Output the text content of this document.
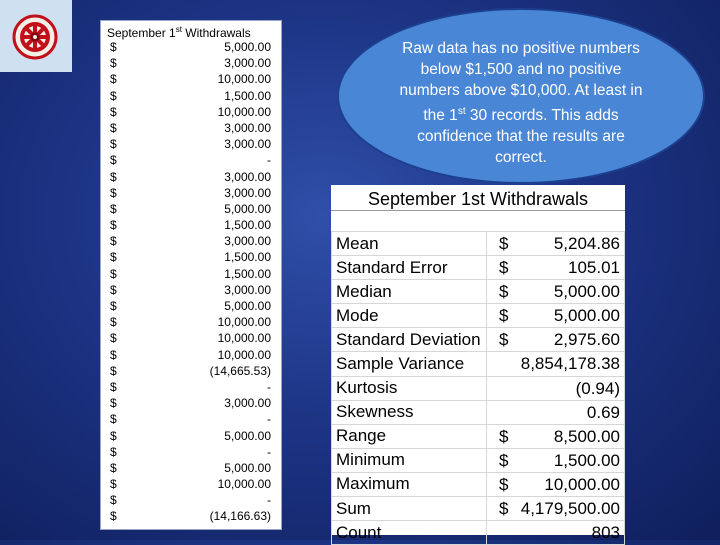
September 1st Withdrawals
$	5,000.00
$	3,000.00
$	10,000.00
$	1,500.00
$	10,000.00
$	3,000.00
$	3,000.00
$	-
$	3,000.00
$	3,000.00
$	5,000.00
$	1,500.00
$	3,000.00
$	1,500.00
$	1,500.00
$	3,000.00
$	5,000.00
$	10,000.00
$	10,000.00
$	10,000.00
$	(14,665.53)
$	-
$	3,000.00
$	-
$	5,000.00
$	-
$	5,000.00
$	10,000.00
$	-
$	(14,166.63)
Raw data has no positive numbers below $1,500 and no positive numbers above $10,000. At least in the 1st 30 records. This adds confidence that the results are correct.
September 1st Withdrawals
Mean	$ 5,204.86

Standard Error	$ 105.01

Median	$ 5,000.00

Mode	$ 5,000.00

Standard Deviation	$ 2,975.60

Sample Variance	8,854,178.38

Kurtosis	(0.94)

Skewness	0.69

Range	$ 8,500.00

Minimum	$ 1,500.00

Maximum	$ 10,000.00

Sum	$ 4,179,500.00

Count	803
